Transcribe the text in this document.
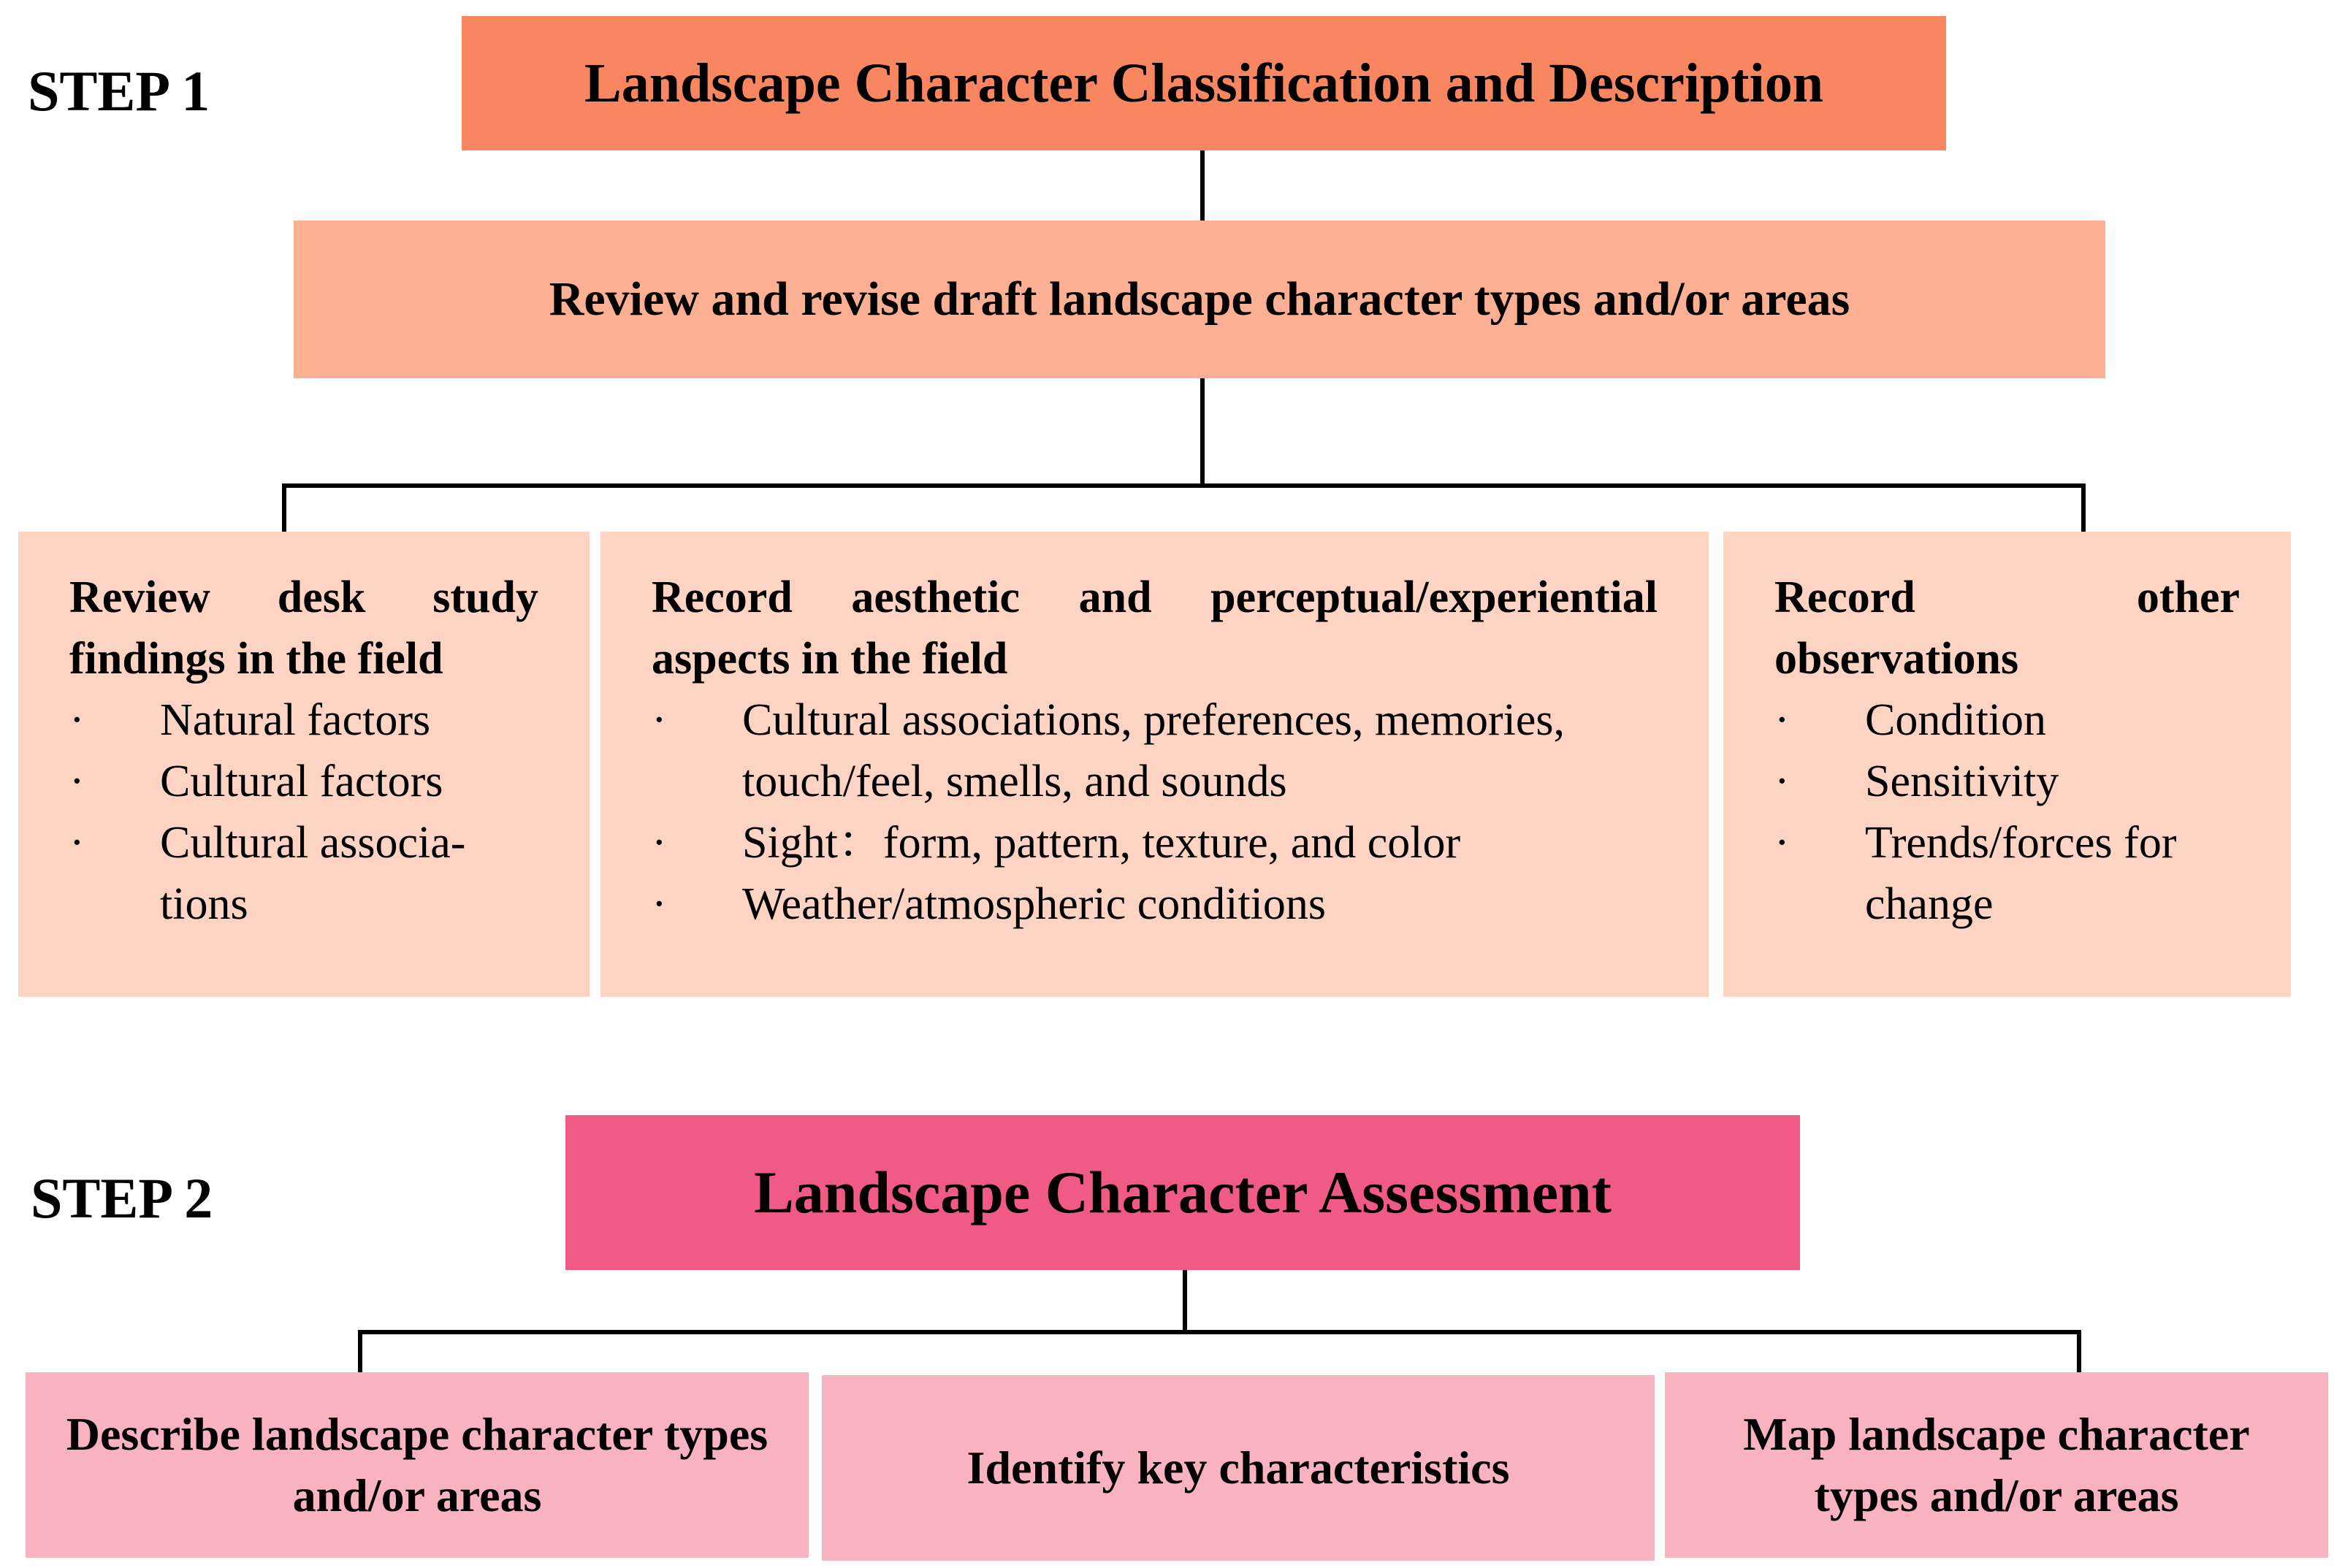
STEP 1	Landscape Character Classification and Description
Review and revise draft landscape character types and/or areas
Review desk study findings in the field
· Natural factors
· Cultural factors
· Cultural associa-tions
Record aesthetic and perceptual/experiential aspects in the field
· Cultural associations, preferences, memories, touch/feel, smells, and sounds
· Sight：form, pattern, texture, and color
· Weather/atmospheric conditions
Record other observations
· Condition
· Sensitivity
· Trends/forces for change
STEP 2	Landscape Character Assessment
Describe landscape character types and/or areas
Identify key characteristics
Map landscape character types and/or areas
